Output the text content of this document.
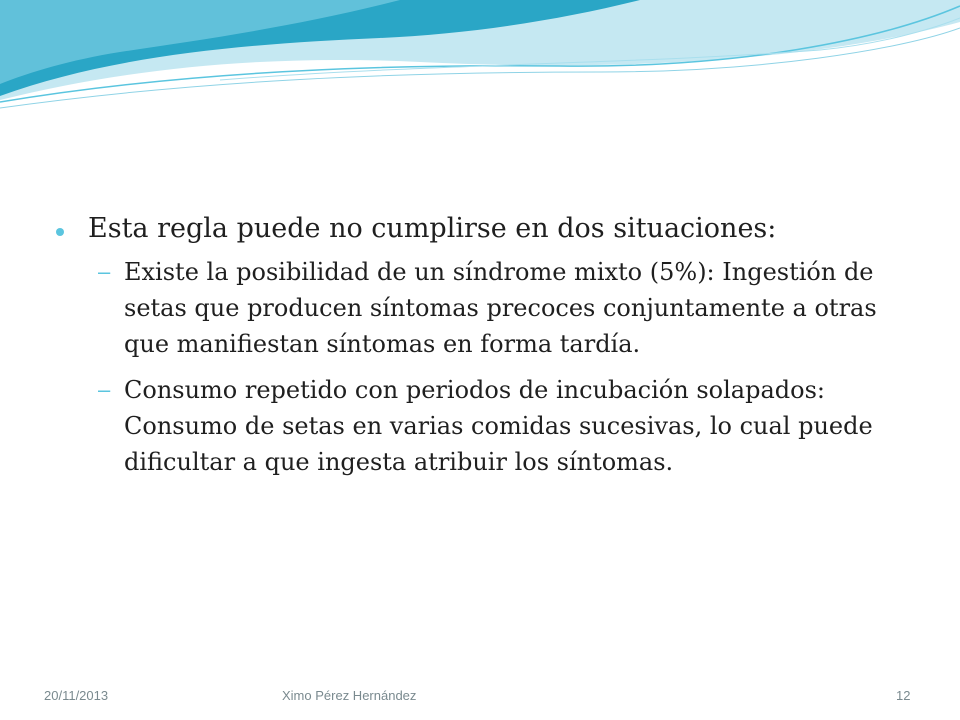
Esta regla puede no cumplirse en dos situaciones:
– Existe la posibilidad de un síndrome mixto (5%): Ingestión de setas que producen síntomas precoces conjuntamente a otras que manifiestan síntomas en forma tardía.
– Consumo repetido con periodos de incubación solapados: Consumo de setas en varias comidas sucesivas, lo cual puede dificultar a que ingesta atribuir los síntomas.
20/11/2013	Ximo Pérez Hernández	12
